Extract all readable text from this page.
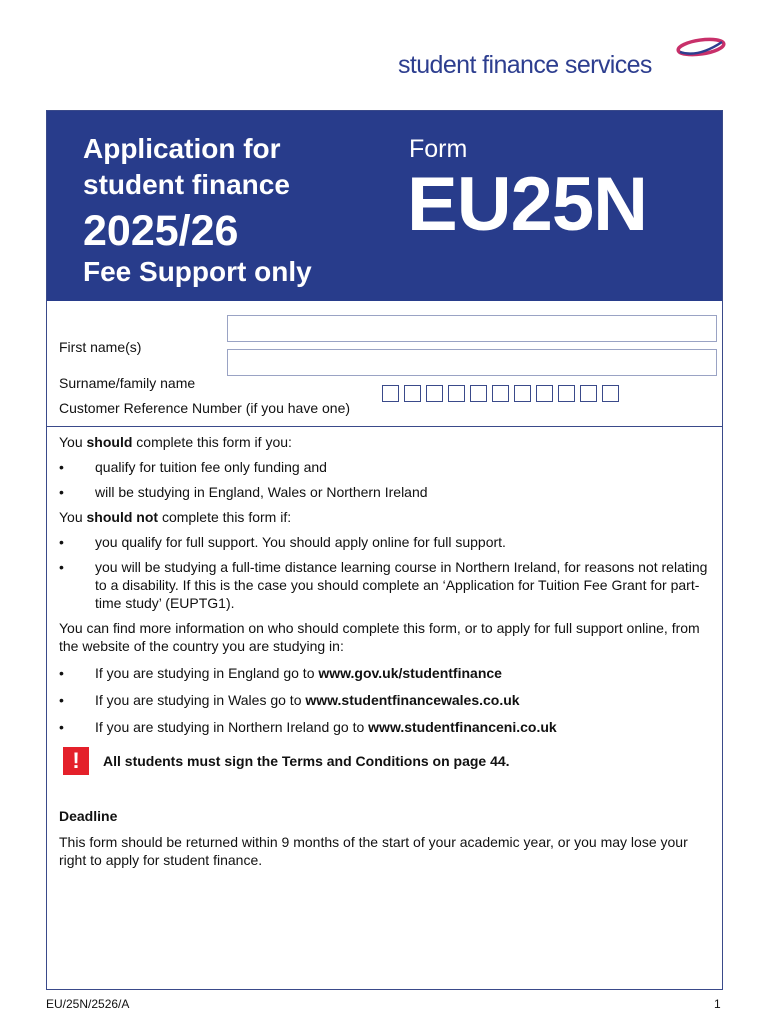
student finance services
Application for
student finance
2025/26
Fee Support only
Form
EU25N
First name(s)
Surname/family name
Customer Reference Number (if you have one)

You should complete this form if you:

• qualify for tuition fee only funding and
• will be studying in England, Wales or Northern Ireland

You should not complete this form if:

• you qualify for full support. You should apply online for full support.
• you will be studying a full-time distance learning course in Northern Ireland, for reasons not relating to a disability. If this is the case you should complete an ‘Application for Tuition Fee Grant for part-time study’ (EUPTG1).

You can find more information on who should complete this form, or to apply for full support online, from the website of the country you are studying in:

• If you are studying in England go to www.gov.uk/studentfinance
• If you are studying in Wales go to www.studentfinancewales.co.uk
• If you are studying in Northern Ireland go to www.studentfinanceni.co.uk
!	All students must sign the Terms and Conditions on page 44.
Deadline
This form should be returned within 9 months of the start of your academic year, or you may lose your right to apply for student finance.
EU/25N/2526/A	1
